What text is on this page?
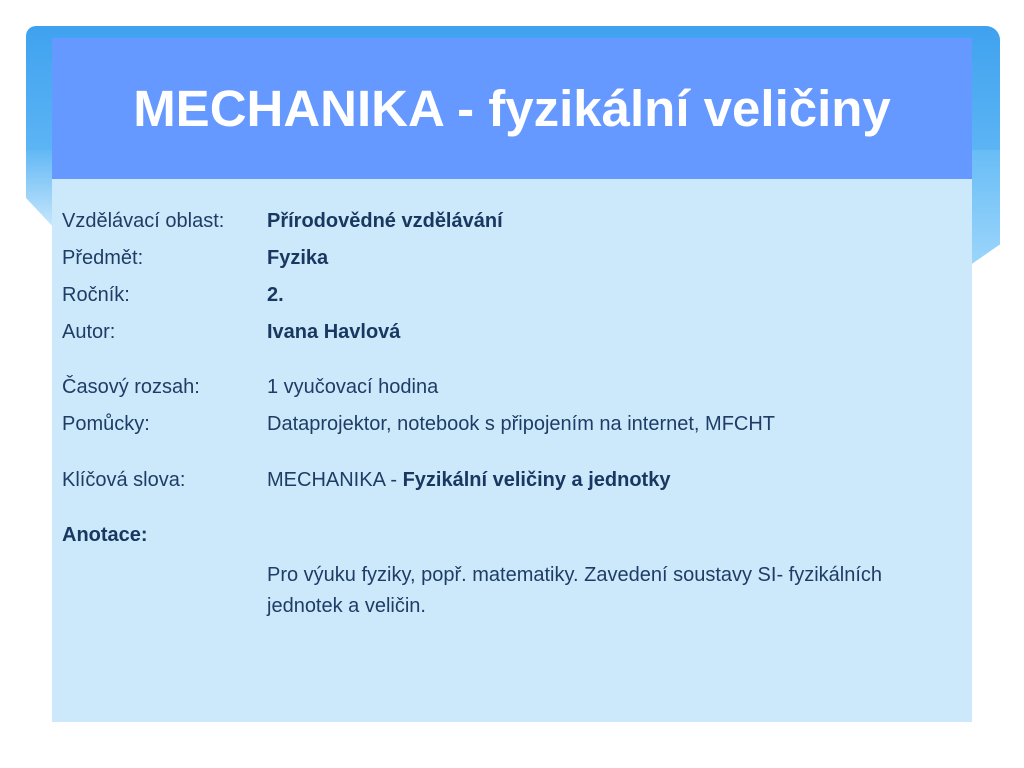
MECHANIKA - fyzikální veličiny
Vzdělávací oblast: Přírodovědné vzdělávání
Předmět:	Fyzika
Ročník:	2.
Autor:	Ivana Havlová
Časový rozsah:	1 vyučovací hodina
Pomůcky:	Dataprojektor, notebook s připojením na internet, MFCHT
Klíčová slova:	MECHANIKA - Fyzikální veličiny a jednotky
Anotace:
Pro výuku fyziky, popř. matematiky. Zavedení soustavy SI- fyzikálních jednotek a veličin.
